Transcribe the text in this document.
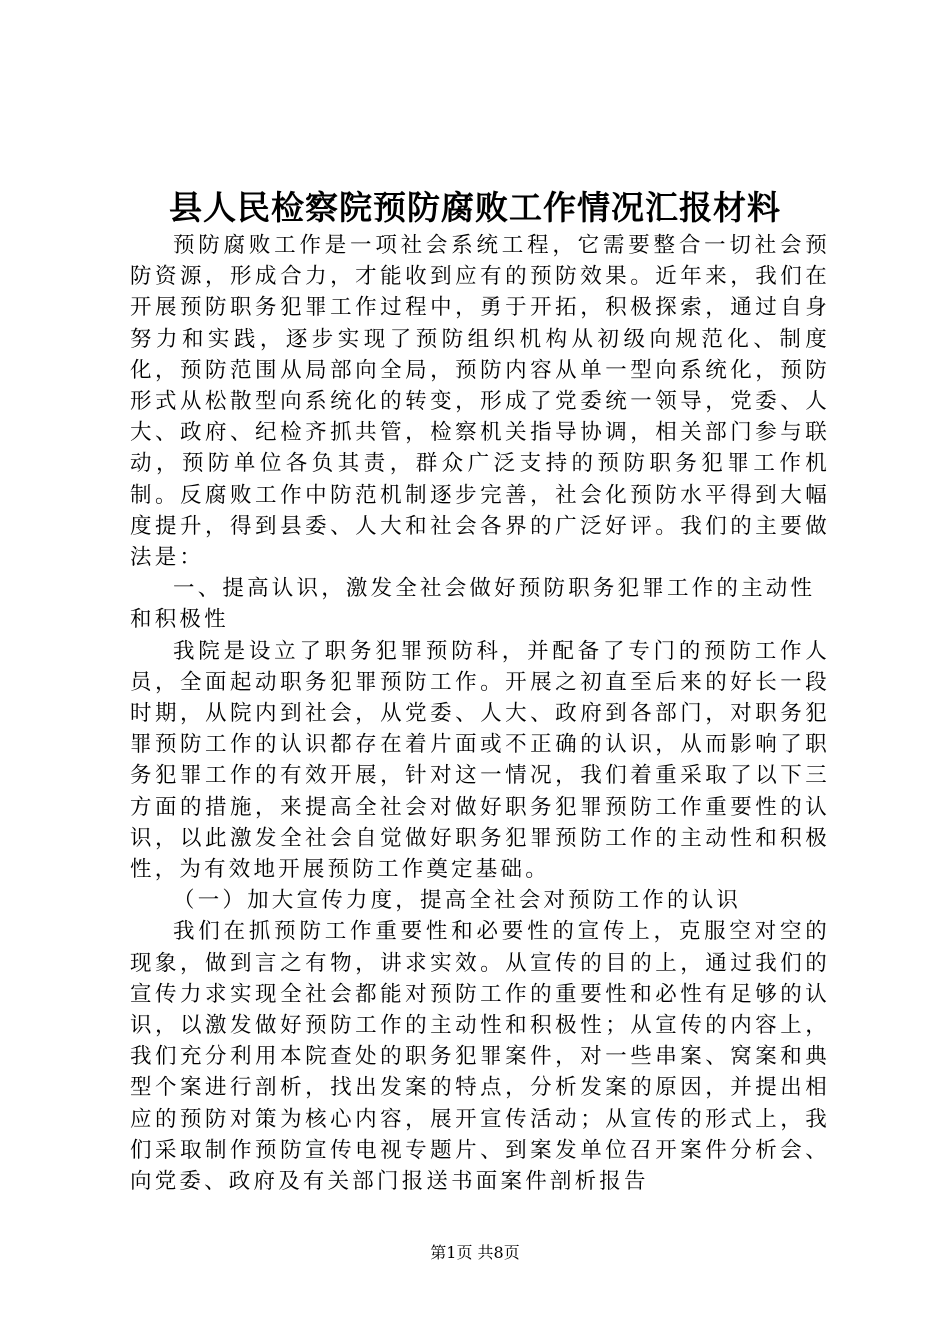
县人民检察院预防腐败工作情况汇报材料

预防腐败工作是一项社会系统工程，它需要整合一切社会预防资源，形成合力，才能收到应有的预防效果。近年来，我们在开展预防职务犯罪工作过程中，勇于开拓，积极探索，通过自身努力和实践，逐步实现了预防组织机构从初级向规范化、制度化，预防范围从局部向全局，预防内容从单一型向系统化，预防形式从松散型向系统化的转变，形成了党委统一领导，党委、人大、政府、纪检齐抓共管，检察机关指导协调，相关部门参与联动，预防单位各负其责，群众广泛支持的预防职务犯罪工作机制。反腐败工作中防范机制逐步完善，社会化预防水平得到大幅度提升，得到县委、人大和社会各界的广泛好评。我们的主要做法是：

一、提高认识，激发全社会做好预防职务犯罪工作的主动性和积极性

我院是设立了职务犯罪预防科，并配备了专门的预防工作人员，全面起动职务犯罪预防工作。开展之初直至后来的好长一段时期，从院内到社会，从党委、人大、政府到各部门，对职务犯罪预防工作的认识都存在着片面或不正确的认识，从而影响了职务犯罪工作的有效开展，针对这一情况，我们着重采取了以下三方面的措施，来提高全社会对做好职务犯罪预防工作重要性的认识，以此激发全社会自觉做好职务犯罪预防工作的主动性和积极性，为有效地开展预防工作奠定基础。

（一）加大宣传力度，提高全社会对预防工作的认识

我们在抓预防工作重要性和必要性的宣传上，克服空对空的现象，做到言之有物，讲求实效。从宣传的目的上，通过我们的宣传力求实现全社会都能对预防工作的重要性和必性有足够的认识，以激发做好预防工作的主动性和积极性；从宣传的内容上，我们充分利用本院查处的职务犯罪案件，对一些串案、窝案和典型个案进行剖析，找出发案的特点，分析发案的原因，并提出相应的预防对策为核心内容，展开宣传活动；从宣传的形式上，我们采取制作预防宣传电视专题片、到案发单位召开案件分析会、向党委、政府及有关部门报送书面案件剖析报告

第1页 共8页
